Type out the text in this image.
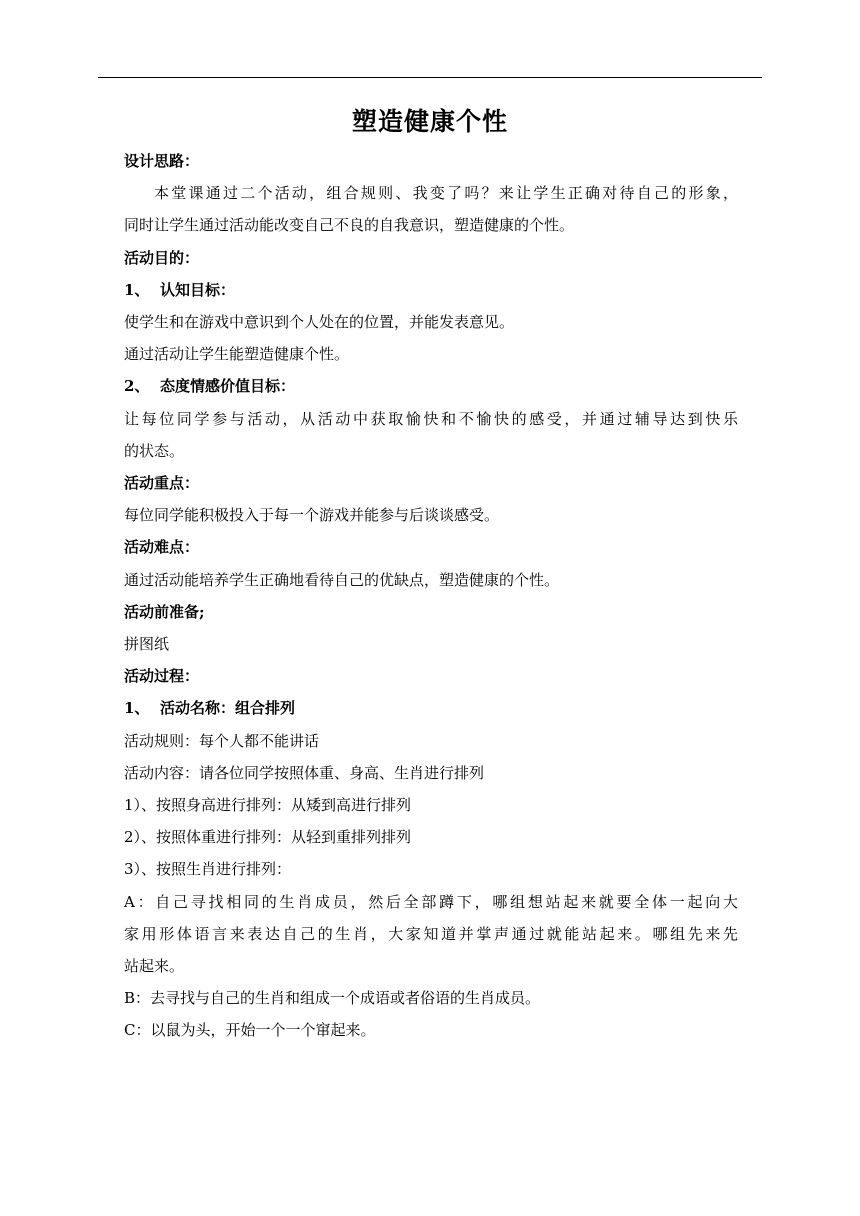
塑造健康个性

设计思路：

本堂课通过二个活动，组合规则、我变了吗？来让学生正确对待自己的形象，

同时让学生通过活动能改变自己不良的自我意识，塑造健康的个性。

活动目的：

1、 认知目标：

使学生和在游戏中意识到个人处在的位置，并能发表意见。

通过活动让学生能塑造健康个性。

2、 态度情感价值目标：

让每位同学参与活动，从活动中获取愉快和不愉快的感受，并通过辅导达到快乐

的状态。

活动重点：

每位同学能积极投入于每一个游戏并能参与后谈谈感受。

活动难点：

通过活动能培养学生正确地看待自己的优缺点，塑造健康的个性。

活动前准备;

拼图纸

活动过程：

1、 活动名称：组合排列

活动规则：每个人都不能讲话

活动内容：请各位同学按照体重、身高、生肖进行排列

1）、按照身高进行排列：从矮到高进行排列

2）、按照体重进行排列：从轻到重排列排列

3）、按照生肖进行排列：

A：自己寻找相同的生肖成员，然后全部蹲下，哪组想站起来就要全体一起向大

家用形体语言来表达自己的生肖，大家知道并掌声通过就能站起来。哪组先来先

站起来。

B：去寻找与自己的生肖和组成一个成语或者俗语的生肖成员。

C：以鼠为头，开始一个一个窜起来。
